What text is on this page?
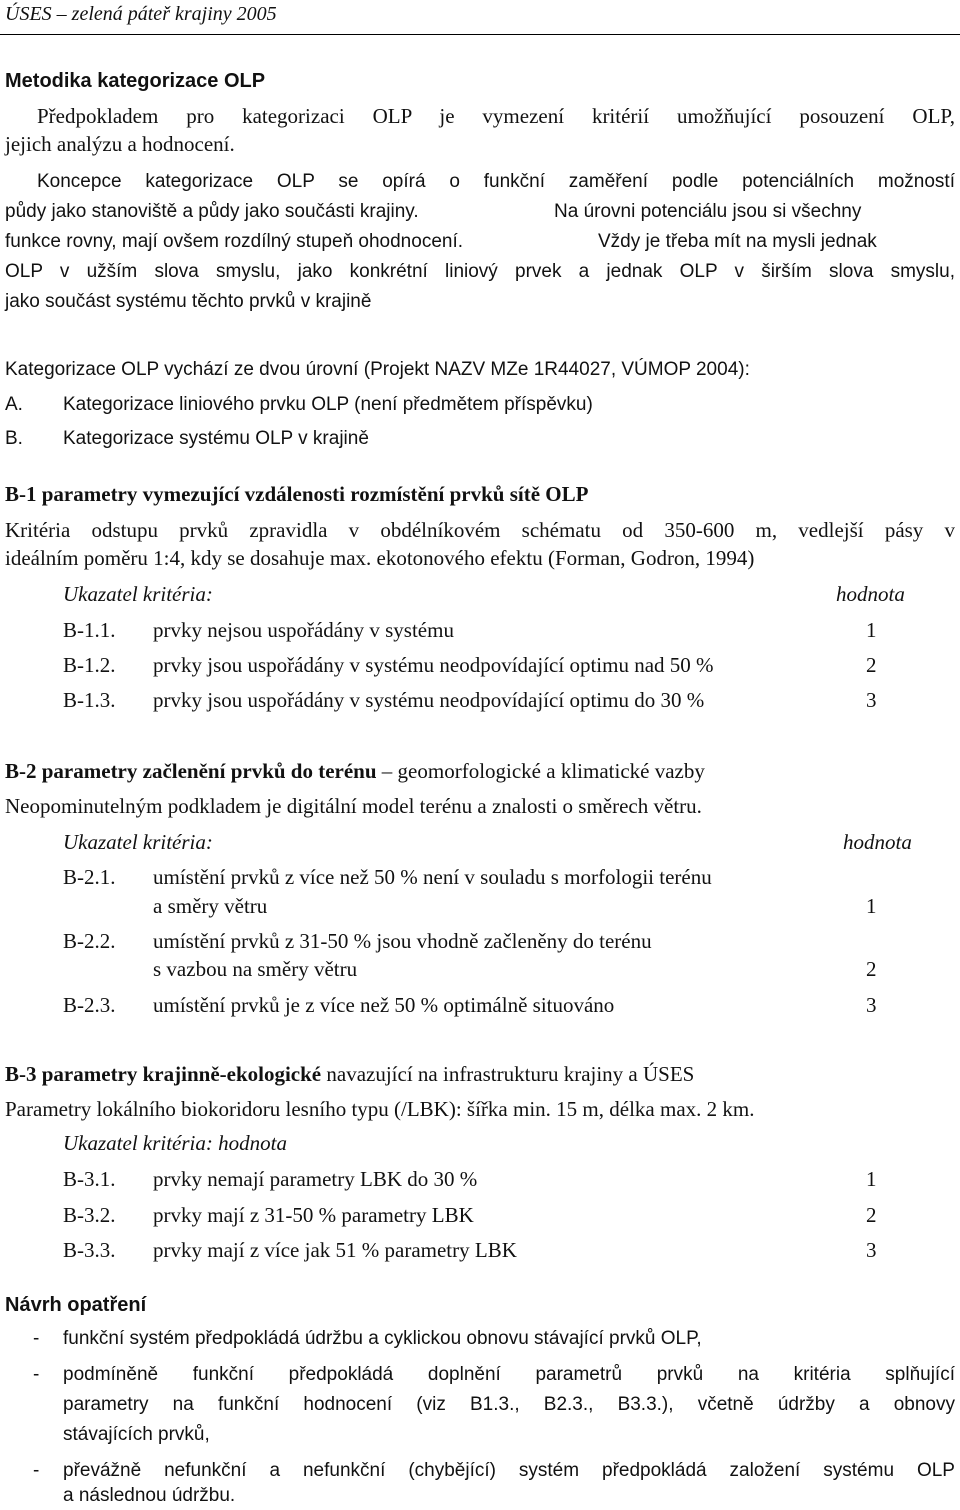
ÚSES – zelená páteř krajiny 2005
Metodika kategorizace OLP
Předpokladem pro kategorizaci OLP je vymezení kritérií umožňující posouzení OLP,
jejich analýzu a hodnocení.
Koncepce kategorizace OLP se opírá o funkční zaměření podle potenciálních možností
půdy jako stanoviště a půdy jako součásti krajiny.	Na úrovni potenciálu jsou si všechny
funkce rovny, mají ovšem rozdílný stupeň ohodnocení.	Vždy je třeba mít na mysli jednak
OLP v užším slova smyslu, jako konkrétní liniový prvek a jednak OLP v širším slova smyslu,
jako součást systému těchto prvků v krajině
Kategorizace OLP vychází ze dvou úrovní (Projekt NAZV MZe 1R44027, VÚMOP 2004):
A. Kategorizace liniového prvku OLP (není předmětem příspěvku)
B. Kategorizace systému OLP v krajině
B-1 parametry vymezující vzdálenosti rozmístění prvků sítě OLP
Kritéria odstupu prvků zpravidla v obdélníkovém schématu od 350-600 m, vedlejší pásy v
ideálním poměru 1:4, kdy se dosahuje max. ekotonového efektu (Forman, Godron, 1994)
Ukazatel kritéria:	hodnota
B-1.1. prvky nejsou uspořádány v systému	1
B-1.2. prvky jsou uspořádány v systému neodpovídající optimu nad 50 %	2
B-1.3. prvky jsou uspořádány v systému neodpovídající optimu do 30 %	3
B-2 parametry začlenění prvků do terénu – geomorfologické a klimatické vazby
Neopominutelným podkladem je digitální model terénu a znalosti o směrech větru.
Ukazatel kritéria:	hodnota
B-2.1. umístění prvků z více než 50 % není v souladu s morfologii terénu
a směry větru	1
B-2.2. umístění prvků z 31-50 % jsou vhodně začleněny do terénu
s vazbou na směry větru	2
B-2.3. umístění prvků je z více než 50 % optimálně situováno	3
B-3 parametry krajinně-ekologické navazující na infrastrukturu krajiny a ÚSES
Parametry lokálního biokoridoru lesního typu (/LBK): šířka min. 15 m, délka max. 2 km.
Ukazatel kritéria: hodnota
B-3.1. prvky nemají parametry LBK do 30 %	1
B-3.2. prvky mají z 31-50 % parametry LBK	2
B-3.3. prvky mají z více jak 51 % parametry LBK	3
Návrh opatření
- funkční systém předpokládá údržbu a cyklickou obnovu stávající prvků OLP,
- podmíněně funkční předpokládá doplnění parametrů prvků na kritéria splňující
parametry na funkční hodnocení (viz B1.3., B2.3., B3.3.), včetně údržby a obnovy
stávajících prvků,
- převážně nefunkční a nefunkční (chybějící) systém předpokládá založení systému OLP
a následnou údržbu.
